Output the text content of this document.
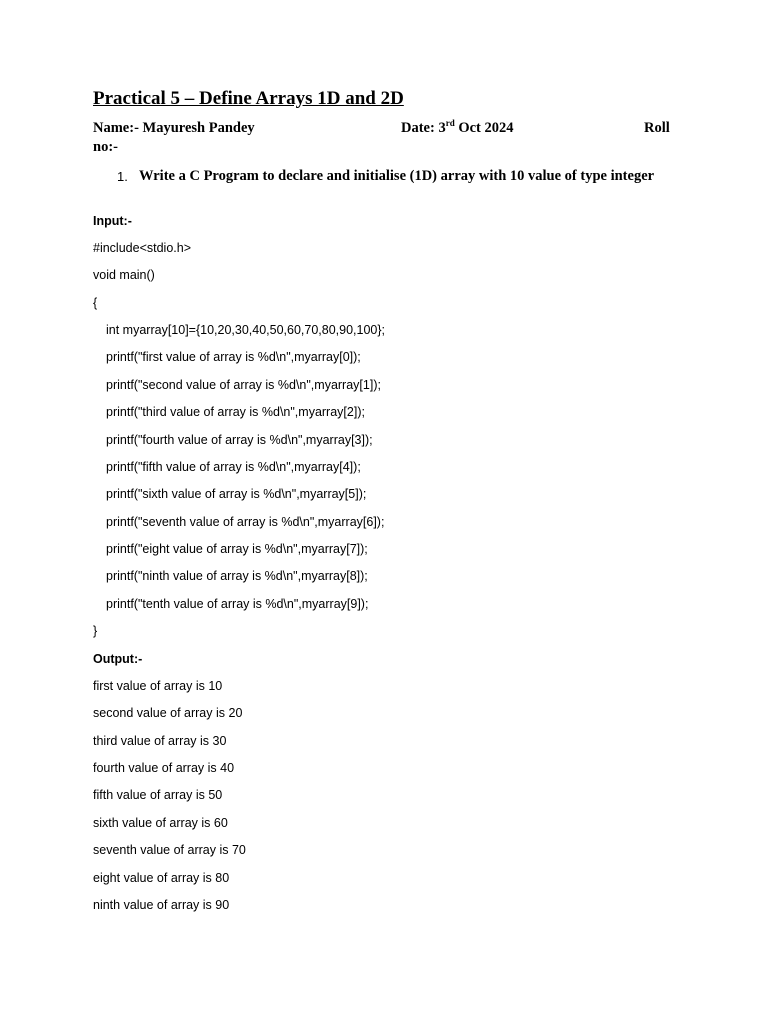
Practical 5 – Define Arrays 1D and 2D
Name:- Mayuresh Pandey	Date: 3rd Oct 2024	Roll
no:-
1. Write a C Program to declare and initialise (1D) array with 10 value of type integer
Input:-
#include<stdio.h>
void main()
{
int myarray[10]={10,20,30,40,50,60,70,80,90,100};
printf("first value of array is %d\n",myarray[0]);
printf("second value of array is %d\n",myarray[1]);
printf("third value of array is %d\n",myarray[2]);
printf("fourth value of array is %d\n",myarray[3]);
printf("fifth value of array is %d\n",myarray[4]);
printf("sixth value of array is %d\n",myarray[5]);
printf("seventh value of array is %d\n",myarray[6]);
printf("eight value of array is %d\n",myarray[7]);
printf("ninth value of array is %d\n",myarray[8]);
printf("tenth value of array is %d\n",myarray[9]);
}
Output:-
first value of array is 10
second value of array is 20
third value of array is 30
fourth value of array is 40
fifth value of array is 50
sixth value of array is 60
seventh value of array is 70
eight value of array is 80
ninth value of array is 90
